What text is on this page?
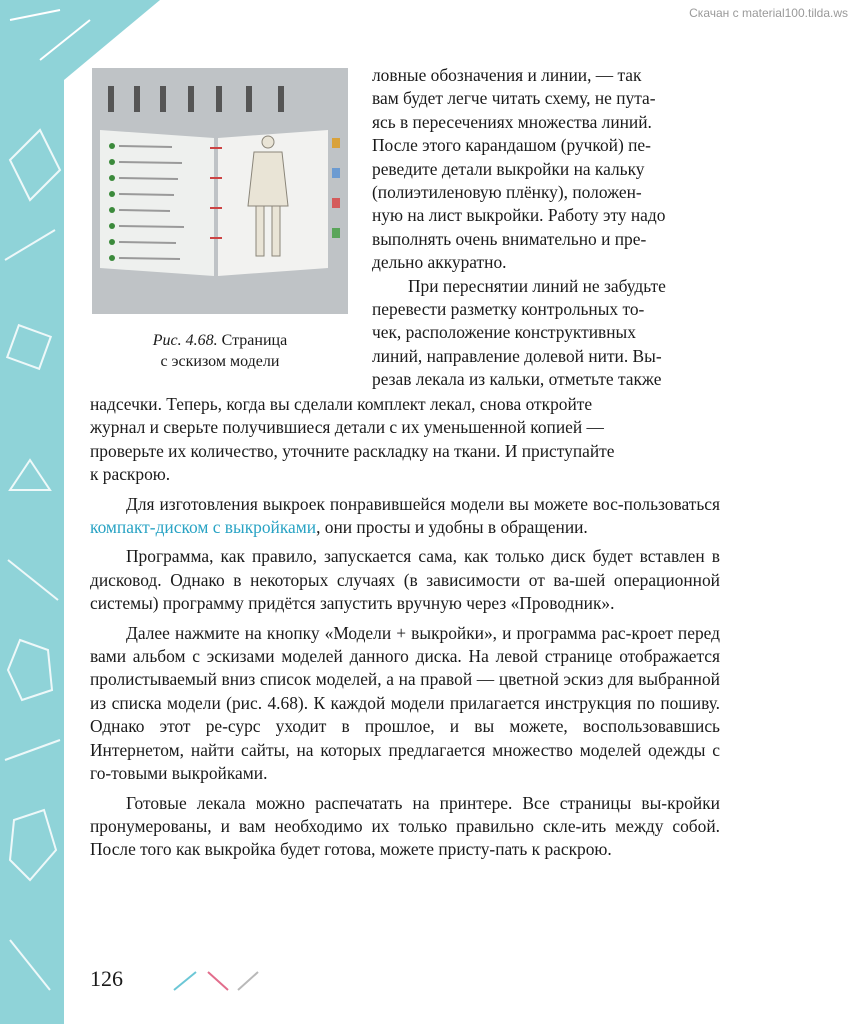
Скачан с material100.tilda.ws
Рис. 4.68. Страница
с эскизом модели

ловные обозначения и линии, — так
вам будет легче читать схему, не пута-
ясь в пересечениях множества линий.
После этого карандашом (ручкой) пе-
реведите детали выкройки на кальку
(полиэтиленовую плёнку), положен-
ную на лист выкройки. Работу эту надо
выполнять очень внимательно и пре-
дельно аккуратно.

При переснятии линий не забудьте

перевести разметку контрольных то-
чек, расположение конструктивных
линий, направление долевой нити. Вы-
резав лекала из кальки, отметьте также

надсечки. Теперь, когда вы сделали комплект лекал, снова откройте
журнал и сверьте получившиеся детали с их уменьшенной копией —
проверьте их количество, уточните раскладку на ткани. И приступайте
к раскрою.

Для изготовления выкроек понравившейся модели вы можете вос-пользоваться компакт-диском с выкройками, они просты и удобны в обращении.

Программа, как правило, запускается сама, как только диск будет вставлен в дисковод. Однако в некоторых случаях (в зависимости от ва-шей операционной системы) программу придётся запустить вручную через «Проводник».

Далее нажмите на кнопку «Модели + выкройки», и программа рас-кроет перед вами альбом с эскизами моделей данного диска. На левой странице отображается пролистываемый вниз список моделей, а на правой — цветной эскиз для выбранной из списка модели (рис. 4.68). К каждой модели прилагается инструкция по пошиву. Однако этот ре-сурс уходит в прошлое, и вы можете, воспользовавшись Интернетом, найти сайты, на которых предлагается множество моделей одежды с го-товыми выкройками.

Готовые лекала можно распечатать на принтере. Все страницы вы-кройки пронумерованы, и вам необходимо их только правильно скле-ить между собой. После того как выкройка будет готова, можете присту-пать к раскрою.

126
